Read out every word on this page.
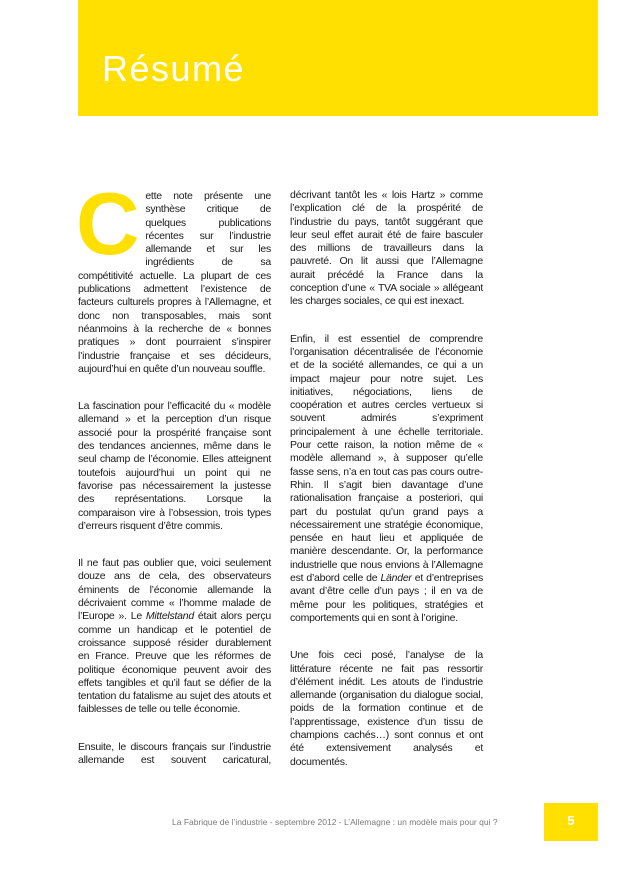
Résumé

Cette note présente une synthèse critique de quelques publications récentes sur l’industrie allemande et sur les ingrédients de sa compétitivité actuelle. La plupart de ces publications admettent l’existence de facteurs culturels propres à l’Allemagne, et donc non transposables, mais sont néanmoins à la recherche de « bonnes pratiques » dont pourraient s’inspirer l’industrie française et ses décideurs, aujourd’hui en quête d’un nouveau souffle.

La fascination pour l’efficacité du « modèle allemand » et la perception d’un risque associé pour la prospérité française sont des tendances anciennes, même dans le seul champ de l’économie. Elles atteignent toutefois aujourd’hui un point qui ne favorise pas nécessairement la justesse des représentations. Lorsque la comparaison vire à l’obsession, trois types d’erreurs risquent d’être commis.

Il ne faut pas oublier que, voici seulement douze ans de cela, des observateurs éminents de l’économie allemande la décrivaient comme « l’homme malade de l’Europe ». Le Mittelstand était alors perçu comme un handicap et le potentiel de croissance supposé résider durablement en France. Preuve que les réformes de politique économique peuvent avoir des effets tangibles et qu’il faut se défier de la tentation du fatalisme au sujet des atouts et faiblesses de telle ou telle économie.

Ensuite, le discours français sur l’industrie allemande est souvent caricatural,

décrivant tantôt les « lois Hartz » comme l’explication clé de la prospérité de l’industrie du pays, tantôt suggérant que leur seul effet aurait été de faire basculer des millions de travailleurs dans la pauvreté. On lit aussi que l’Allemagne aurait précédé la France dans la conception d’une « TVA sociale » allégeant les charges sociales, ce qui est inexact.

Enfin, il est essentiel de comprendre l’organisation décentralisée de l’économie et de la société allemandes, ce qui a un impact majeur pour notre sujet. Les initiatives, négociations, liens de coopération et autres cercles vertueux si souvent admirés s’expriment principalement à une échelle territoriale. Pour cette raison, la notion même de « modèle allemand », à supposer qu’elle fasse sens, n’a en tout cas pas cours outre-Rhin. Il s’agit bien davantage d’une rationalisation française a posteriori, qui part du postulat qu’un grand pays a nécessairement une stratégie économique, pensée en haut lieu et appliquée de manière descendante. Or, la performance industrielle que nous envions à l’Allemagne est d’abord celle de Länder et d’entreprises avant d’être celle d’un pays ; il en va de même pour les politiques, stratégies et comportements qui en sont à l’origine.

Une fois ceci posé, l’analyse de la littérature récente ne fait pas ressortir d’élément inédit. Les atouts de l’industrie allemande (organisation du dialogue social, poids de la formation continue et de l’apprentissage, existence d’un tissu de champions cachés…) sont connus et ont été extensivement analysés et documentés.

La Fabrique de l’industrie - septembre 2012 - L’Allemagne : un modèle mais pour qui ?	5
